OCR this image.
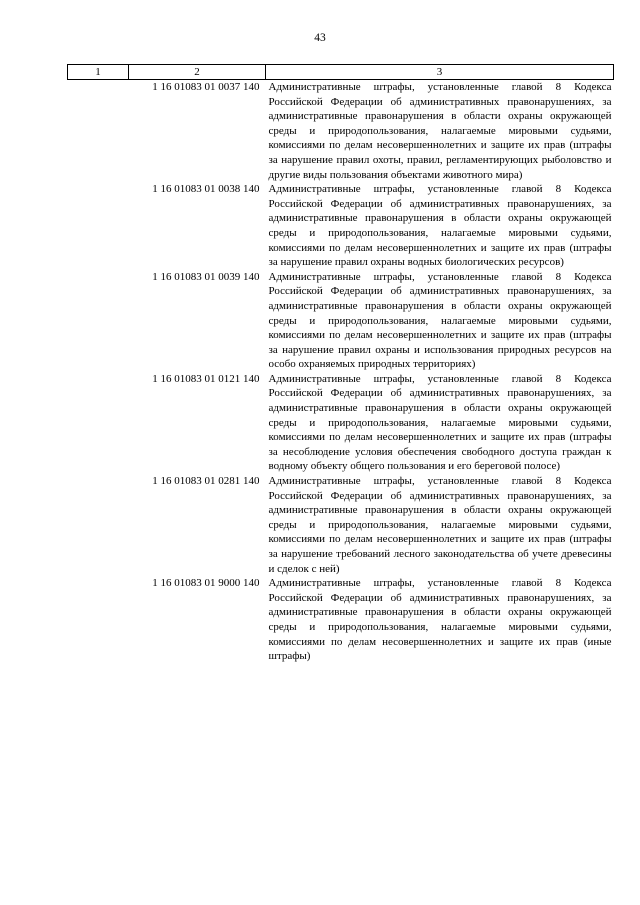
43
1	2	3
	1 16 01083 01 0037 140	Административные штрафы, установленные главой 8 Кодекса Российской Федерации об административных правонарушениях, за административные правонарушения в области охраны окружающей среды и природопользования, налагаемые мировыми судьями, комиссиями по делам несовершеннолетних и защите их прав (штрафы за нарушение правил охоты, правил, регламентирующих рыболовство и другие виды пользования объектами животного мира)

	1 16 01083 01 0038 140	Административные штрафы, установленные главой 8 Кодекса Российской Федерации об административных правонарушениях, за административные правонарушения в области охраны окружающей среды и природопользования, налагаемые мировыми судьями, комиссиями по делам несовершеннолетних и защите их прав (штрафы за нарушение правил охраны водных биологических ресурсов)

	1 16 01083 01 0039 140	Административные штрафы, установленные главой 8 Кодекса Российской Федерации об административных правонарушениях, за административные правонарушения в области охраны окружающей среды и природопользования, налагаемые мировыми судьями, комиссиями по делам несовершеннолетних и защите их прав (штрафы за нарушение правил охраны и использования природных ресурсов на особо охраняемых природных территориях)

	1 16 01083 01 0121 140	Административные штрафы, установленные главой 8 Кодекса Российской Федерации об административных правонарушениях, за административные правонарушения в области охраны окружающей среды и природопользования, налагаемые мировыми судьями, комиссиями по делам несовершеннолетних и защите их прав (штрафы за несоблюдение условия обеспечения свободного доступа граждан к водному объекту общего пользования и его береговой полосе)

	1 16 01083 01 0281 140	Административные штрафы, установленные главой 8 Кодекса Российской Федерации об административных правонарушениях, за административные правонарушения в области охраны окружающей среды и природопользования, налагаемые мировыми судьями, комиссиями по делам несовершеннолетних и защите их прав (штрафы за нарушение требований лесного законодательства об учете древесины и сделок с ней)

	1 16 01083 01 9000 140	Административные штрафы, установленные главой 8 Кодекса Российской Федерации об административных правонарушениях, за административные правонарушения в области охраны окружающей среды и природопользования, налагаемые мировыми судьями, комиссиями по делам несовершеннолетних и защите их прав (иные штрафы)
